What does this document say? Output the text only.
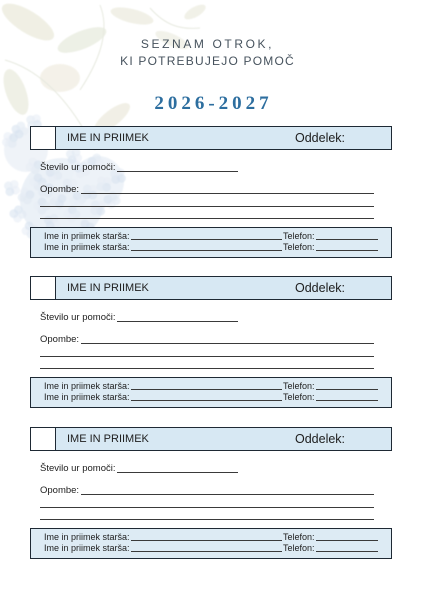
SEZNAM OTROK,
KI POTREBUJEJO POMOČ
2026-2027
IME IN PRIIMEK	Oddelek:
Število ur pomoči:
Opombe:
Ime in priimek starša:	Telefon:
Ime in priimek starša:	Telefon:
IME IN PRIIMEK	Oddelek:
Število ur pomoči:
Opombe:
Ime in priimek starša:	Telefon:
Ime in priimek starša:	Telefon:
IME IN PRIIMEK	Oddelek:
Število ur pomoči:
Opombe:
Ime in priimek starša:	Telefon:
Ime in priimek starša:	Telefon:
